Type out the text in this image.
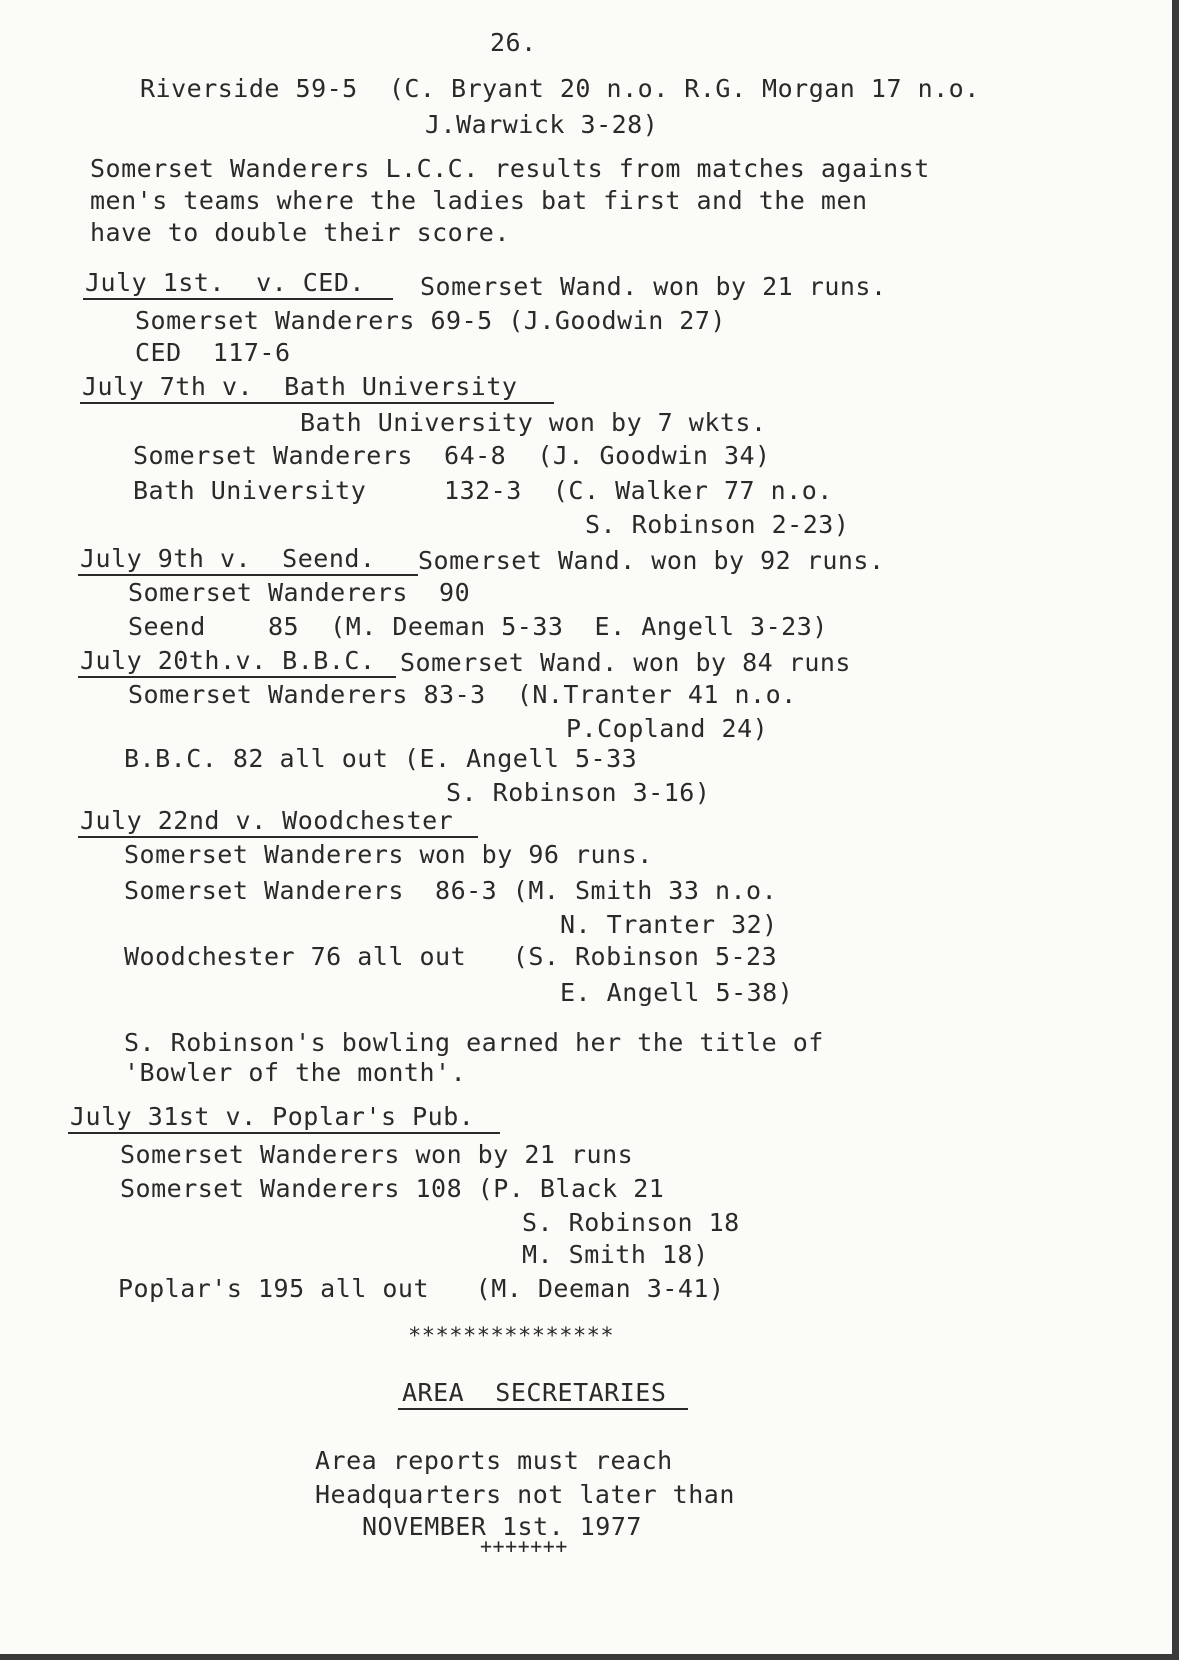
26.
Riverside 59-5  (C. Bryant 20 n.o. R.G. Morgan 17 n.o.
J.Warwick 3-28)
Somerset Wanderers L.C.C. results from matches against
men's teams where the ladies bat first and the men
have to double their score.
July 1st.  v. CED. Somerset Wand. won by 21 runs.
Somerset Wanderers 69-5 (J.Goodwin 27)
CED  117-6
July 7th v.  Bath University
Bath University won by 7 wkts.
Somerset Wanderers  64-8  (J. Goodwin 34)
Bath University     132-3  (C. Walker 77 n.o.
S. Robinson 2-23)
July 9th v.  Seend. Somerset Wand. won by 92 runs.
Somerset Wanderers  90
Seend    85  (M. Deeman 5-33  E. Angell 3-23)
July 20th.v. B.B.C. Somerset Wand. won by 84 runs
Somerset Wanderers 83-3  (N.Tranter 41 n.o.
P.Copland 24)
B.B.C. 82 all out (E. Angell 5-33
S. Robinson 3-16)
July 22nd v. Woodchester
Somerset Wanderers won by 96 runs.
Somerset Wanderers  86-3 (M. Smith 33 n.o.
N. Tranter 32)
Woodchester 76 all out   (S. Robinson 5-23
E. Angell 5-38)
S. Robinson's bowling earned her the title of
'Bowler of the month'.
July 31st v. Poplar's Pub.
Somerset Wanderers won by 21 runs
Somerset Wanderers 108 (P. Black 21
S. Robinson 18
M. Smith 18)
Poplar's 195 all out   (M. Deeman 3-41)
***************
AREA  SECRETARIES
Area reports must reach
Headquarters not later than
NOVEMBER 1st. 1977
+++++++
